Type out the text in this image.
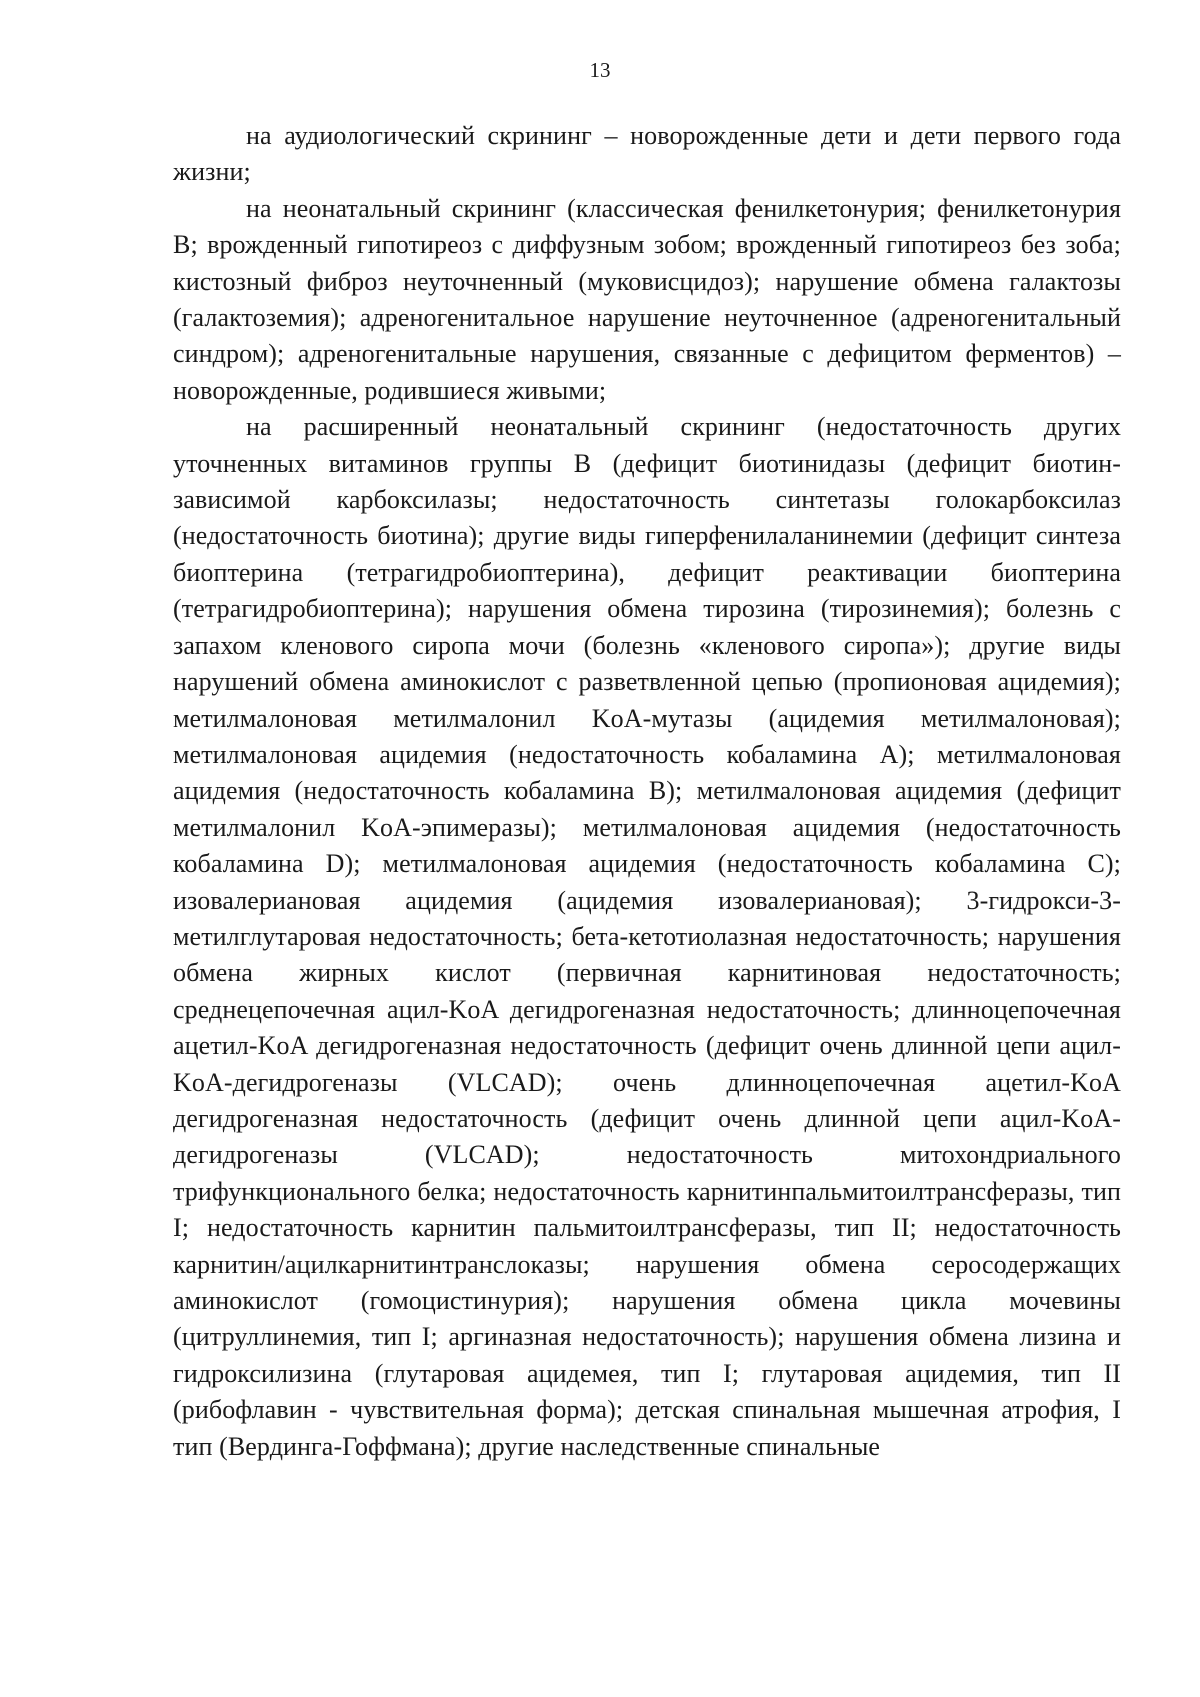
13

на аудиологический скрининг – новорожденные дети и дети первого года жизни;

на неонатальный скрининг (классическая фенилкетонурия; фенилкетонурия B; врожденный гипотиреоз с диффузным зобом; врожденный гипотиреоз без зоба; кистозный фиброз неуточненный (муковисцидоз); нарушение обмена галактозы (галактоземия); адреногенитальное нарушение неуточненное (адреногенитальный синдром); адреногенитальные нарушения, связанные с дефицитом ферментов) – новорожденные, родившиеся живыми;

на расширенный неонатальный скрининг (недостаточность других уточненных витаминов группы B (дефицит биотинидазы (дефицит биотин-зависимой карбоксилазы; недостаточность синтетазы голокарбоксилаз (недостаточность биотина); другие виды гиперфенилаланинемии (дефицит синтеза биоптерина (тетрагидробиоптерина), дефицит реактивации биоптерина (тетрагидробиоптерина); нарушения обмена тирозина (тирозинемия); болезнь с запахом кленового сиропа мочи (болезнь «кленового сиропа»); другие виды нарушений обмена аминокислот с разветвленной цепью (пропионовая ацидемия); метилмалоновая метилмалонил KoA-мутазы (ацидемия метилмалоновая); метилмалоновая ацидемия (недостаточность кобаламина A); метилмалоновая ацидемия (недостаточность кобаламина B); метилмалоновая ацидемия (дефицит метилмалонил KoA-эпимеразы); метилмалоновая ацидемия (недостаточность кобаламина D); метилмалоновая ацидемия (недостаточность кобаламина C); изовалериановая ацидемия (ацидемия изовалериановая); 3-гидрокси-3-метилглутаровая недостаточность; бета-кетотиолазная недостаточность; нарушения обмена жирных кислот (первичная карнитиновая недостаточность; среднецепочечная ацил-KoA дегидрогеназная недостаточность; длинноцепочечная ацетил-KoA дегидрогеназная недостаточность (дефицит очень длинной цепи ацил-KoA-дегидрогеназы (VLCAD); очень длинноцепочечная ацетил-KoA дегидрогеназная недостаточность (дефицит очень длинной цепи ацил-KoA-дегидрогеназы (VLCAD); недостаточность митохондриального трифункционального белка; недостаточность карнитинпальмитоилтрансферазы, тип I; недостаточность карнитин пальмитоилтрансферазы, тип II; недостаточность карнитин/ацилкарнитинтранслоказы; нарушения обмена серосодержащих аминокислот (гомоцистинурия); нарушения обмена цикла мочевины (цитруллинемия, тип I; аргиназная недостаточность); нарушения обмена лизина и гидроксилизина (глутаровая ацидемея, тип I; глутаровая ацидемия, тип II (рибофлавин - чувствительная форма); детская спинальная мышечная атрофия, I тип (Вердинга-Гоффмана); другие наследственные спинальные
